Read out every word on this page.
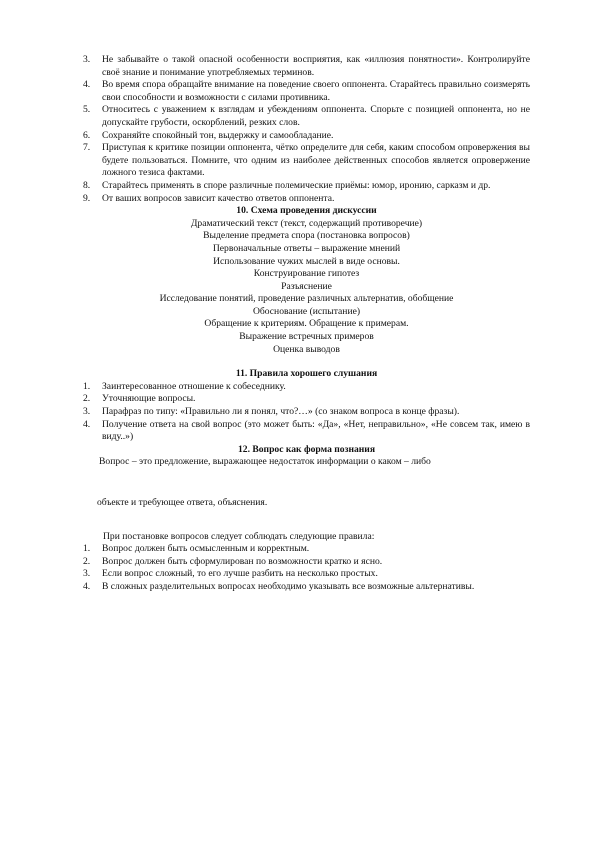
3. Не забывайте о такой опасной особенности восприятия, как «иллюзия понятности». Контролируйте своё знание и понимание употребляемых терминов.
4. Во время спора обращайте внимание на поведение своего оппонента. Старайтесь правильно соизмерять свои способности и возможности с силами противника.
5. Относитесь с уважением к взглядам и убеждениям оппонента. Спорьте с позицией оппонента, но не допускайте грубости, оскорблений, резких слов.
6. Сохраняйте спокойный тон, выдержку и самообладание.
7. Приступая к критике позиции оппонента, чётко определите для себя, каким способом опровержения вы будете пользоваться. Помните, что одним из наиболее действенных способов является опровержение ложного тезиса фактами.
8. Старайтесь применять в споре различные полемические приёмы: юмор, иронию, сарказм и др.
9. От ваших вопросов зависит качество ответов оппонента.
10. Схема проведения дискуссии
Драматический текст (текст, содержащий противоречие)
Выделение предмета спора (постановка вопросов)
Первоначальные ответы – выражение мнений
Использование чужих мыслей в виде основы.
Конструирование гипотез
Разъяснение
Исследование понятий, проведение различных альтернатив, обобщение
Обоснование (испытание)
Обращение к критериям. Обращение к примерам.
Выражение встречных примеров
Оценка выводов
11. Правила хорошего слушания
1. Заинтересованное отношение к собеседнику.
2. Уточняющие вопросы.
3. Парафраз по типу: «Правильно ли я понял, что?…» (со знаком вопроса в конце фразы).
4. Получение ответа на свой вопрос (это может быть: «Да», «Нет, неправильно», «Не совсем так, имею в виду..»)
12. Вопрос как форма познания
Вопрос – это предложение, выражающее недостаток информации о каком – либо
объекте и требующее ответа, объяснения.
При постановке вопросов следует соблюдать следующие правила:
1. Вопрос должен быть осмысленным и корректным.
2. Вопрос должен быть сформулирован по возможности кратко и ясно.
3. Если вопрос сложный, то его лучше разбить на несколько простых.
4. В сложных разделительных вопросах необходимо указывать все возможные альтернативы.
